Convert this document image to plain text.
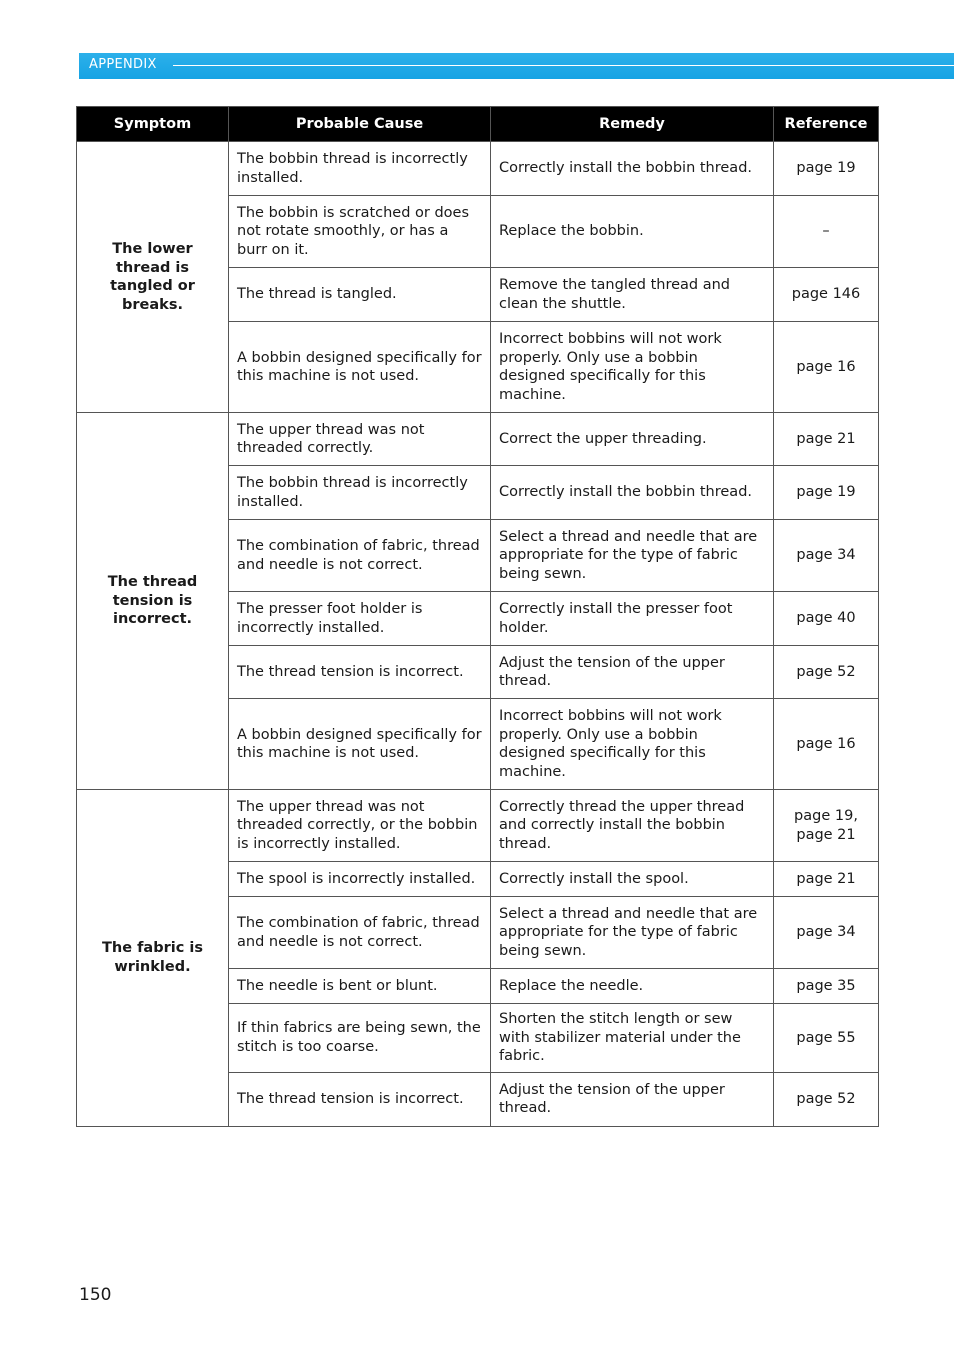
APPENDIX
Symptom	Probable Cause	Remedy	Reference
The lower thread is tangled or breaks.	The bobbin thread is incorrectly installed.	Correctly install the bobbin thread.	page 19
	The bobbin is scratched or does not rotate smoothly, or has a burr on it.	Replace the bobbin.	–
	The thread is tangled.	Remove the tangled thread and clean the shuttle.	page 146
	A bobbin designed specifically for this machine is not used.	Incorrect bobbins will not work properly. Only use a bobbin designed specifically for this machine.	page 16
The thread tension is incorrect.	The upper thread was not threaded correctly.	Correct the upper threading.	page 21
	The bobbin thread is incorrectly installed.	Correctly install the bobbin thread.	page 19
	The combination of fabric, thread and needle is not correct.	Select a thread and needle that are appropriate for the type of fabric being sewn.	page 34
	The presser foot holder is incorrectly installed.	Correctly install the presser foot holder.	page 40
	The thread tension is incorrect.	Adjust the tension of the upper thread.	page 52
	A bobbin designed specifically for this machine is not used.	Incorrect bobbins will not work properly. Only use a bobbin designed specifically for this machine.	page 16
The fabric is wrinkled.	The upper thread was not threaded correctly, or the bobbin is incorrectly installed.	Correctly thread the upper thread and correctly install the bobbin thread.	page 19, page 21
	The spool is incorrectly installed.	Correctly install the spool.	page 21
	The combination of fabric, thread and needle is not correct.	Select a thread and needle that are appropriate for the type of fabric being sewn.	page 34
	The needle is bent or blunt.	Replace the needle.	page 35
	If thin fabrics are being sewn, the stitch is too coarse.	Shorten the stitch length or sew with stabilizer material under the fabric.	page 55
	The thread tension is incorrect.	Adjust the tension of the upper thread.	page 52
150
